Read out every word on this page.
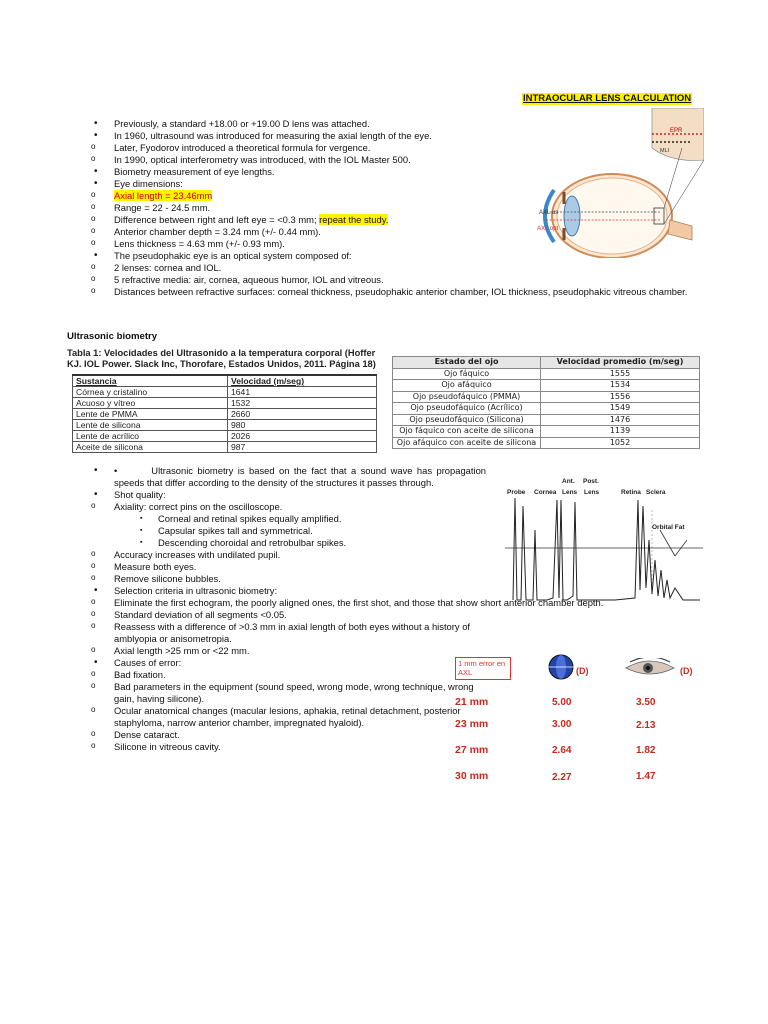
INTRAOCULAR LENS CALCULATION
• Previously, a standard +18.00 or +19.00 D lens was attached.
• In 1960, ultrasound was introduced for measuring the axial length of the eye.
o Later, Fyodorov introduced a theoretical formula for vergence.
o In 1990, optical interferometry was introduced, with the IOL Master 500.
• Biometry measurement of eye lengths.
• Eye dimensions:
o Axial length = 23.46mm
o Range = 22 - 24.5 mm.
o Difference between right and left eye = <0.3 mm; repeat the study.
o Anterior chamber depth = 3.24 mm (+/- 0.44 mm).
o Lens thickness = 4.63 mm (+/- 0.93 mm).
• The pseudophakic eye is an optical system composed of:
o 2 lenses: cornea and IOL.
o 5 refractive media: air, cornea, aqueous humor, IOL and vitreous.
o Distances between refractive surfaces: corneal thickness, pseudophakic anterior chamber, IOL thickness, pseudophakic vitreous chamber.
EPR
MLI
AXL us
AXL opt
Ultrasonic biometry
Tabla 1: Velocidades del Ultrasonido a la temperatura corporal (Hoffer KJ. IOL Power. Slack Inc, Thorofare, Estados Unidos, 2011. Página 18)
Sustancia	Velocidad (m/seg)
Córnea y cristalino	1641
Acuoso y vítreo	1532
Lente de PMMA	2660
Lente de silicona	980
Lente de acrílico	2026
Aceite de silicona	987
Estado del ojo	Velocidad promedio (m/seg)
Ojo fáquico	1555
Ojo afáquico	1534
Ojo pseudofáquico (PMMA)	1556
Ojo pseudofáquico (Acrílico)	1549
Ojo pseudofáquico (Silicona)	1476
Ojo fáquico con aceite de silicona	1139
Ojo afáquico con aceite de silicona	1052
• •	Ultrasonic biometry is based on the fact that a sound wave has propagation speeds that differ according to the density of the structures it passes through.
• Shot quality:
o Axiality: correct pins on the oscilloscope.
▪ Corneal and retinal spikes equally amplified.
▪ Capsular spikes tall and symmetrical.
▪ Descending choroidal and retrobulbar spikes.
o Accuracy increases with undilated pupil.
o Measure both eyes.
o Remove silicone bubbles.
• Selection criteria in ultrasonic biometry:
o Eliminate the first echogram, the poorly aligned ones, the first shot, and those that show short anterior chamber depth.
o Standard deviation of all segments <0.05.
o Reassess with a difference of >0.3 mm in axial length of both eyes without a history of amblyopia or anisometropia.
o Axial length >25 mm or <22 mm.
• Causes of error:
o Bad fixation.
o Bad parameters in the equipment (sound speed, wrong mode, wrong technique, wrong gain, having silicone).
o Ocular anatomical changes (macular lesions, aphakia, retinal detachment, posterior staphyloma, narrow anterior chamber, impregnated hyaloid).
o Dense cataract.
o Silicone in vitreous cavity.
Probe Cornea
Ant.
Lens
Post.
Lens	Retina Sclera
Orbital Fat
1 mm error en AXL	(D)	(D)
21 mm	5.00	3.50
23 mm	3.00	2.13
27 mm	2.64	1.82
30 mm	2.27	1.47
